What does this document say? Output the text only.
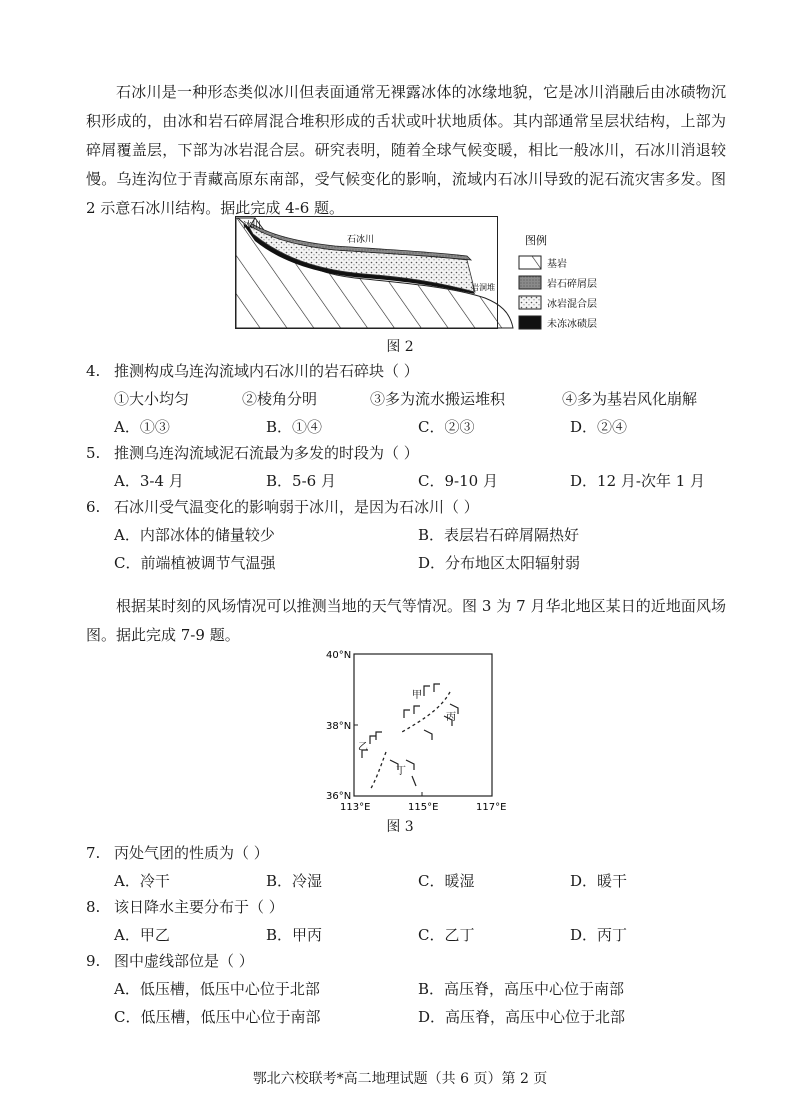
石冰川是一种形态类似冰川但表面通常无裸露冰体的冰缘地貌，它是冰川消融后由冰碛物沉积形成的，由冰和岩石碎屑混合堆积形成的舌状或叶状地质体。其内部通常呈层状结构，上部为碎屑覆盖层，下部为冰岩混合层。研究表明，随着全球气候变暖，相比一般冰川，石冰川消退较慢。乌连沟位于青藏高原东南部，受气候变化的影响，流域内石冰川导致的泥石流灾害多发。图 2 示意石冰川结构。据此完成 4-6 题。

冰川
石冰川
岩洞堆
图例
基岩
岩石碎屑层
冰岩混合层
未冻冰碛层
图 2
4. 推测构成乌连沟流域内石冰川的岩石碎块（ ）
①大小均匀	②棱角分明	③多为流水搬运堆积	④多为基岩风化崩解
A．①③	B．①④	C．②③	D．②④
5. 推测乌连沟流域泥石流最为多发的时段为（ ）
A．3-4 月	B．5-6 月	C．9-10 月	D．12 月-次年 1 月
6. 石冰川受气温变化的影响弱于冰川，是因为石冰川（ ）
A．内部冰体的储量较少	B．表层岩石碎屑隔热好
C．前端植被调节气温强	D．分布地区太阳辐射弱

根据某时刻的风场情况可以推测当地的天气等情况。图 3 为 7 月华北地区某日的近地面风场图。据此完成 7-9 题。

40°N
38°N
36°N
113°E	115°E	117°E
甲
乙
丙
丁
图 3
7. 丙处气团的性质为（ ）
A．冷干	B．冷湿	C．暖湿	D．暖干
8. 该日降水主要分布于（ ）
A．甲乙	B．甲丙	C．乙丁	D．丙丁
9. 图中虚线部位是（ ）
A．低压槽，低压中心位于北部	B．高压脊，高压中心位于南部
C．低压槽，低压中心位于南部	D．高压脊，高压中心位于北部
鄂北六校联考*高二地理试题（共 6 页）第 2 页
